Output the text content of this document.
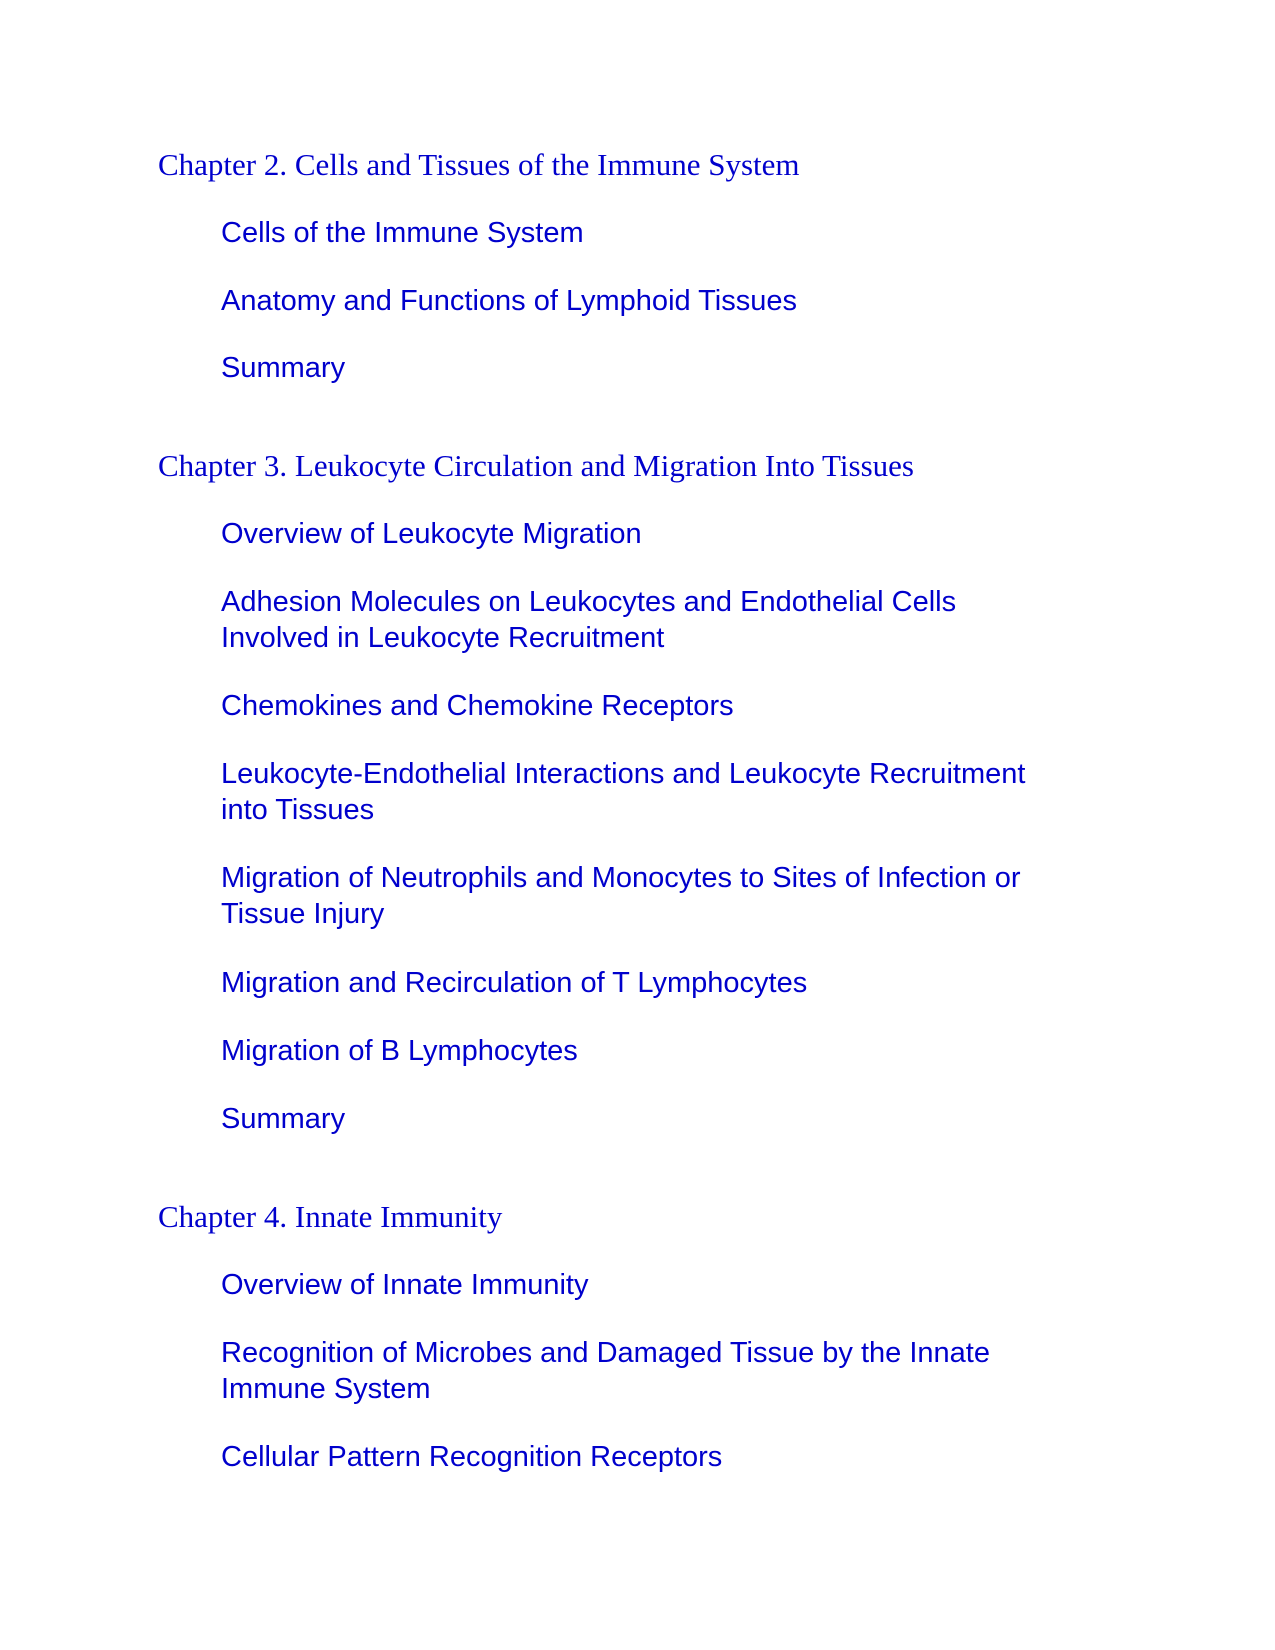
Chapter 2. Cells and Tissues of the Immune System
Cells of the Immune System
Anatomy and Functions of Lymphoid Tissues
Summary
Chapter 3. Leukocyte Circulation and Migration Into Tissues
Overview of Leukocyte Migration
Adhesion Molecules on Leukocytes and Endothelial Cells
Involved in Leukocyte Recruitment
Chemokines and Chemokine Receptors
Leukocyte-Endothelial Interactions and Leukocyte Recruitment
into Tissues
Migration of Neutrophils and Monocytes to Sites of Infection or
Tissue Injury
Migration and Recirculation of T Lymphocytes
Migration of B Lymphocytes
Summary
Chapter 4. Innate Immunity
Overview of Innate Immunity
Recognition of Microbes and Damaged Tissue by the Innate
Immune System
Cellular Pattern Recognition Receptors
